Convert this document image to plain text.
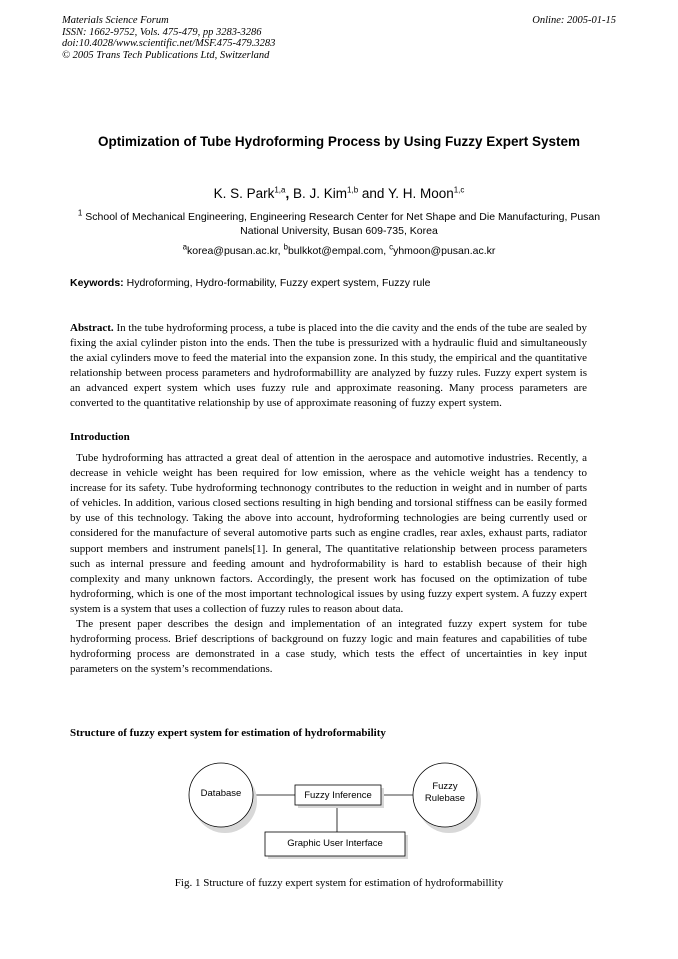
Materials Science Forum
ISSN: 1662-9752, Vols. 475-479, pp 3283-3286
doi:10.4028/www.scientific.net/MSF.475-479.3283
© 2005 Trans Tech Publications Ltd, Switzerland
Online: 2005-01-15
Optimization of Tube Hydroforming Process by Using Fuzzy Expert System
K. S. Park$^{1,a}$, B. J. Kim$^{1,b}$ and Y. H. Moon$^{1,c}$
$^1$ School of Mechanical Engineering, Engineering Research Center for Net Shape and Die Manufacturing, Pusan National University, Busan 609-735, Korea
$^a$korea@pusan.ac.kr, $^b$bulkkot@empal.com, $^c$yhmoon@pusan.ac.kr
Keywords: Hydroforming, Hydro-formability, Fuzzy expert system, Fuzzy rule
Abstract. In the tube hydroforming process, a tube is placed into the die cavity and the ends of the tube are sealed by fixing the axial cylinder piston into the ends. Then the tube is pressurized with a hydraulic fluid and simultaneously the axial cylinders move to feed the material into the expansion zone. In this study, the empirical and the quantitative relationship between process parameters and hydroformabillity are analyzed by fuzzy rules. Fuzzy expert system is an advanced expert system which uses fuzzy rule and approximate reasoning. Many process parameters are converted to the quantitative relationship by use of approximate reasoning of fuzzy expert system.
Introduction

Tube hydroforming has attracted a great deal of attention in the aerospace and automotive industries. Recently, a decrease in vehicle weight has been required for low emission, where as the vehicle weight has a tendency to increase for its safety. Tube hydroforming technonogy contributes to the reduction in weight and in number of parts of vehicles. In addition, various closed sections resulting in high bending and torsional stiffness can be easily formed by use of this technology. Taking the above into account, hydroforming technologies are being currently used or considered for the manufacture of several automotive parts such as engine cradles, rear axles, exhaust parts, radiator support members and instrument panels[1]. In general, The quantitative relationship between process parameters such as internal pressure and feeding amount and hydroformability is hard to establish because of their high complexity and many unknown factors. Accordingly, the present work has focused on the optimization of tube hydroforming, which is one of the most important technological issues by using fuzzy expert system. A fuzzy expert system is a system that uses a collection of fuzzy rules to reason about data.

The present paper describes the design and implementation of an integrated fuzzy expert system for tube hydroforming process. Brief descriptions of background on fuzzy logic and main features and capabilities of tube hydroforming process are demonstrated in a case study, which tests the effect of uncertainties in key input parameters on the system’s recommendations.

Structure of fuzzy expert system for estimation of hydroformability
Database	Fuzzy Inference
Fuzzy
Rulebase
Graphic User Interface
Fig. 1 Structure of fuzzy expert system for estimation of hydroformabillity
